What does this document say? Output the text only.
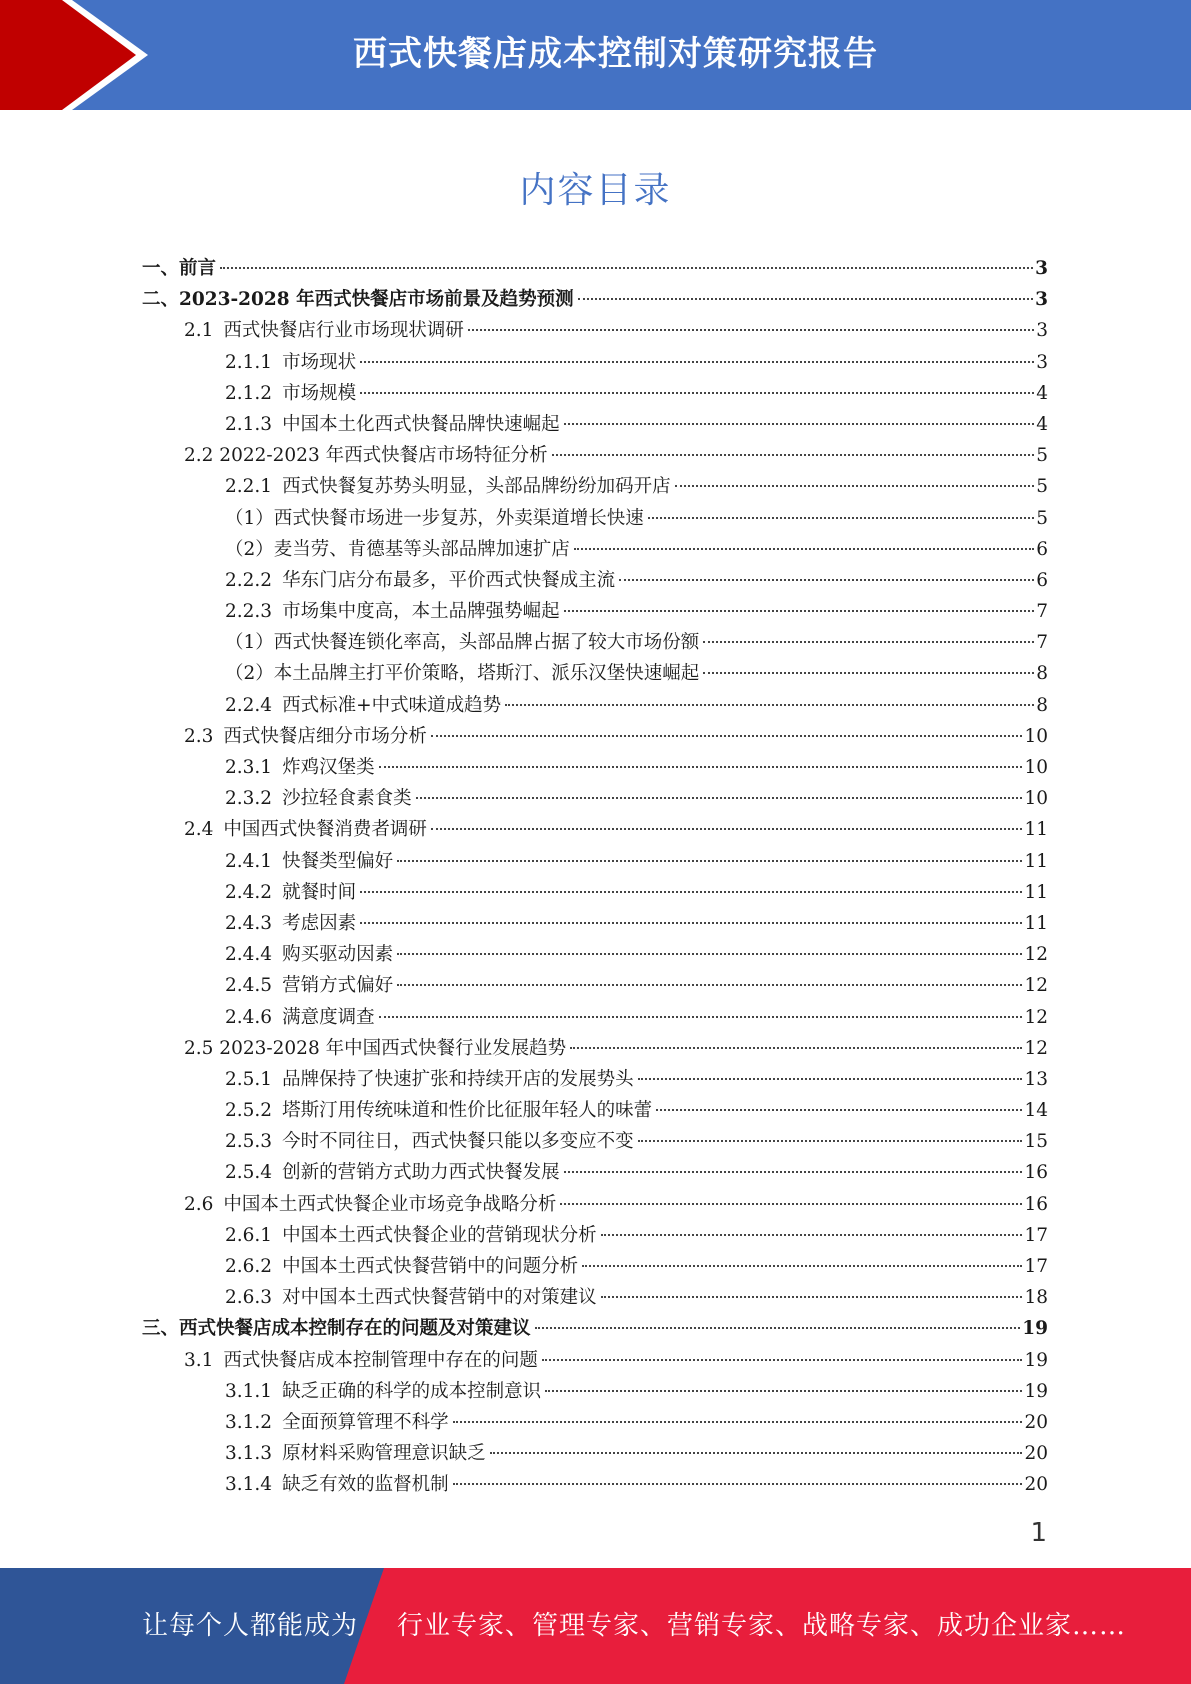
西式快餐店成本控制对策研究报告
内容目录
一、前言	3
二、2023-2028 年西式快餐店市场前景及趋势预测	3
2.1 西式快餐店行业市场现状调研	3
2.1.1 市场现状	3
2.1.2 市场规模	4
2.1.3 中国本土化西式快餐品牌快速崛起	4
2.2 2022-2023 年西式快餐店市场特征分析	5
2.2.1 西式快餐复苏势头明显，头部品牌纷纷加码开店	5
（1）西式快餐市场进一步复苏，外卖渠道增长快速	5
（2）麦当劳、肯德基等头部品牌加速扩店	6
2.2.2 华东门店分布最多，平价西式快餐成主流	6
2.2.3 市场集中度高，本土品牌强势崛起	7
（1）西式快餐连锁化率高，头部品牌占据了较大市场份额	7
（2）本土品牌主打平价策略，塔斯汀、派乐汉堡快速崛起	8
2.2.4 西式标准+中式味道成趋势	8
2.3 西式快餐店细分市场分析	10
2.3.1 炸鸡汉堡类	10
2.3.2 沙拉轻食素食类	10
2.4 中国西式快餐消费者调研	11
2.4.1 快餐类型偏好	11
2.4.2 就餐时间	11
2.4.3 考虑因素	11
2.4.4 购买驱动因素	12
2.4.5 营销方式偏好	12
2.4.6 满意度调查	12
2.5 2023-2028 年中国西式快餐行业发展趋势	12
2.5.1 品牌保持了快速扩张和持续开店的发展势头	13
2.5.2 塔斯汀用传统味道和性价比征服年轻人的味蕾	14
2.5.3 今时不同往日，西式快餐只能以多变应不变	15
2.5.4 创新的营销方式助力西式快餐发展	16
2.6 中国本土西式快餐企业市场竞争战略分析	16
2.6.1 中国本土西式快餐企业的营销现状分析	17
2.6.2 中国本土西式快餐营销中的问题分析	17
2.6.3 对中国本土西式快餐营销中的对策建议	18
三、西式快餐店成本控制存在的问题及对策建议	19
3.1 西式快餐店成本控制管理中存在的问题	19
3.1.1 缺乏正确的科学的成本控制意识	19
3.1.2 全面预算管理不科学	20
3.1.3 原材料采购管理意识缺乏	20
3.1.4 缺乏有效的监督机制	20
1
让每个人都能成为 行业专家、管理专家、营销专家、战略专家、成功企业家……
